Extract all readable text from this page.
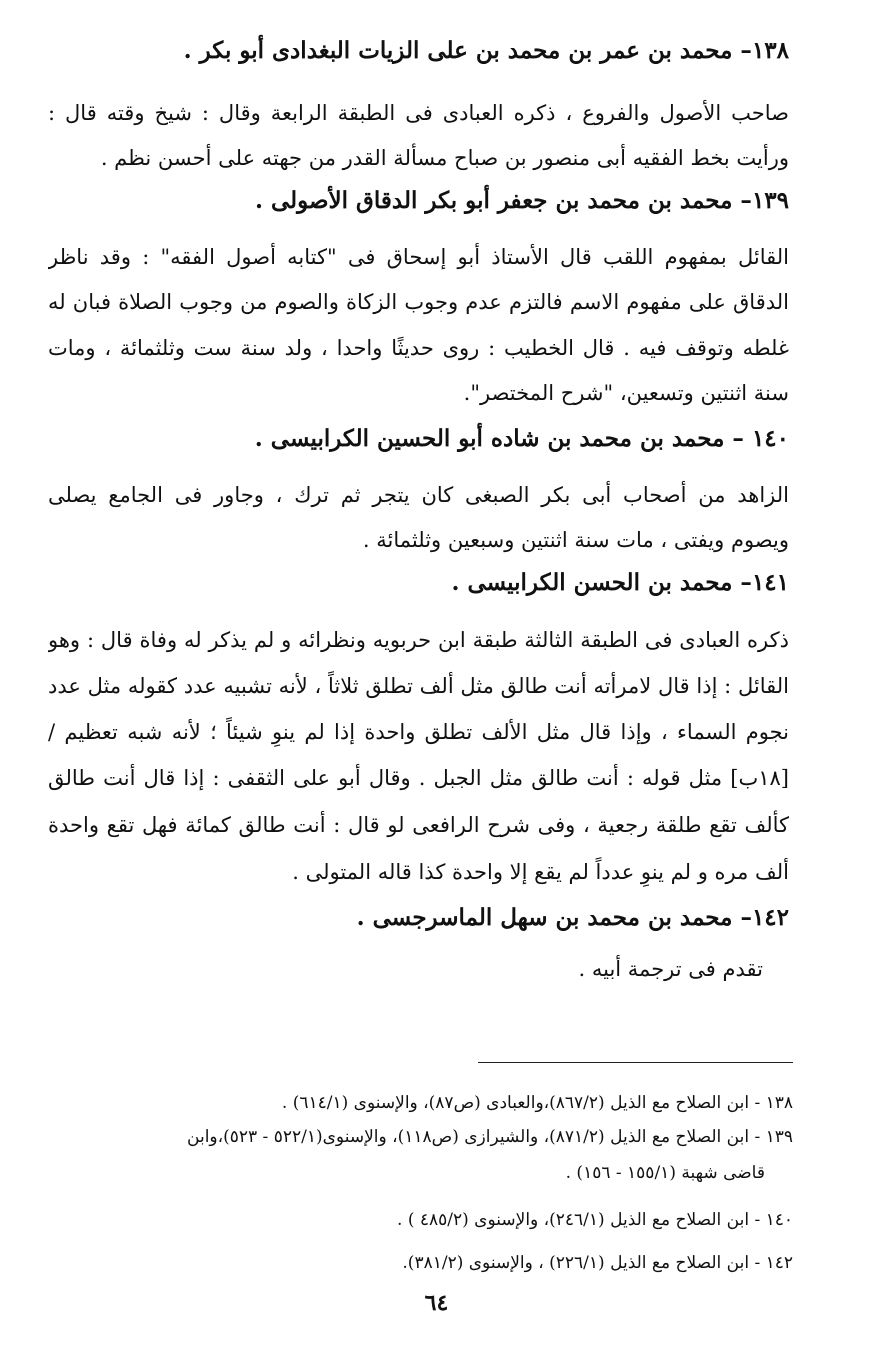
١٣٨– محمد بن عمر بن محمد بن على الزيات البغدادى أبو بكر .
صاحب الأصول والفروع ، ذكره العبادى فى الطبقة الرابعة وقال : شيخ وقته قال :
ورأيت بخط الفقيه أبى منصور بن صباح مسألة القدر من جهته على أحسن نظم .
١٣٩– محمد بن محمد بن جعفر أبو بكر الدقاق الأصولى .
القائل بمفهوم اللقب قال الأستاذ أبو إسحاق فى "كتابه أصول الفقه" : وقد ناظر
الدقاق على مفهوم الاسم فالتزم عدم وجوب الزكاة والصوم من وجوب الصلاة فبان له
غلطه وتوقف فيه . قال الخطيب : روى حديثًا واحدا ، ولد سنة ست وثلثمائة ، ومات
سنة اثنتين وتسعين، "شرح المختصر".
١٤٠ – محمد بن محمد بن شاده أبو الحسين الكرابيسى .
الزاهد من أصحاب أبى بكر الصبغى كان يتجر ثم ترك ، وجاور فى الجامع يصلى
ويصوم ويفتى ، مات سنة اثنتين وسبعين وثلثمائة .
١٤١– محمد بن الحسن الكرابيسى .
ذكره العبادى فى الطبقة الثالثة طبقة ابن حربويه ونظرائه و لم يذكر له وفاة قال : وهو
القائل : إذا قال لامرأته أنت طالق مثل ألف تطلق ثلاثاً ، لأنه تشبيه عدد كقوله مثل عدد
نجوم السماء ، وإذا قال مثل الألف تطلق واحدة إذا لم ينوِ شيئاً ؛ لأنه شبه تعظيم /
[١٨ب] مثل قوله : أنت طالق مثل الجبل . وقال أبو على الثقفى : إذا قال أنت طالق
كألف تقع طلقة رجعية ، وفى شرح الرافعى لو قال : أنت طالق كمائة فهل تقع واحدة
ألف مره و لم ينوِ عدداً لم يقع إلا واحدة كذا قاله المتولى .
١٤٢– محمد بن محمد بن سهل الماسرجسى .
تقدم فى ترجمة أبيه .
١٣٨ - ابن الصلاح مع الذيل (٨٦٧/٢)،والعبادى (ص٨٧)، والإسنوى (٦١٤/١) .
١٣٩ - ابن الصلاح مع الذيل (٨٧١/٢)، والشيرازى (ص١١٨)، والإسنوى(٥٢٢/١ - ٥٢٣)،وابن
قاضى شهبة (١٥٥/١ - ١٥٦) .
١٤٠ - ابن الصلاح مع الذيل (٢٤٦/١)، والإسنوى (٤٨٥/٢ ) .
١٤٢ - ابن الصلاح مع الذيل (٢٢٦/١) ، والإسنوى (٣٨١/٢).
٦٤
